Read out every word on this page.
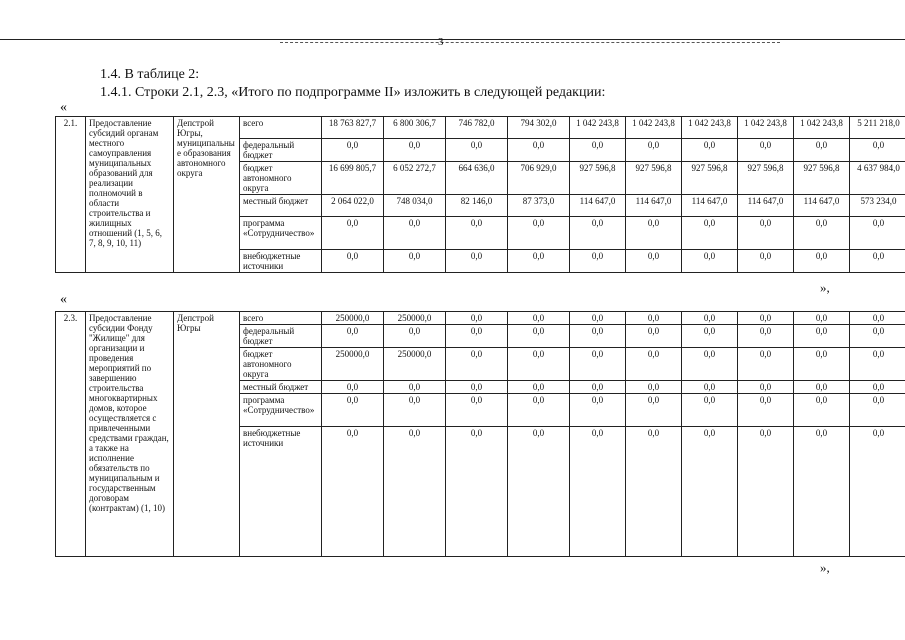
3
1.4. В таблице 2:
1.4.1. Строки 2.1, 2.3, «Итого по подпрограмме II» изложить в следующей редакции:
«
2.1.	Предоставление субсидий органам местного самоуправления муниципальных образований для реализации полномочий в области строительства и жилищных отношений (1, 5, 6, 7, 8, 9, 10, 11)	Депстрой Югры, муниципальные образования автономного округа	всего	18 763 827,7	6 800 306,7	746 782,0	794 302,0	1 042 243,8	1 042 243,8	1 042 243,8	1 042 243,8	1 042 243,8	5 211 218,0
			федеральный бюджет	0,0	0,0	0,0	0,0	0,0	0,0	0,0	0,0	0,0	0,0
			бюджет автономного округа	16 699 805,7	6 052 272,7	664 636,0	706 929,0	927 596,8	927 596,8	927 596,8	927 596,8	927 596,8	4 637 984,0
			местный бюджет	2 064 022,0	748 034,0	82 146,0	87 373,0	114 647,0	114 647,0	114 647,0	114 647,0	114 647,0	573 234,0
			программа «Сотрудничество»	0,0	0,0	0,0	0,0	0,0	0,0	0,0	0,0	0,0	0,0
			внебюджетные источники	0,0	0,0	0,0	0,0	0,0	0,0	0,0	0,0	0,0	0,0
»,
«
2.3.	Предоставление субсидии Фонду "Жилище" для организации и проведения мероприятий по завершению строительства многоквартирных домов, которое осуществляется с привлеченными средствами граждан, а также на исполнение обязательств по муниципальным и государственным договорам (контрактам) (1, 10)	Депстрой Югры	всего	250000,0	250000,0	0,0	0,0	0,0	0,0	0,0	0,0	0,0	0,0
			федеральный бюджет	0,0	0,0	0,0	0,0	0,0	0,0	0,0	0,0	0,0	0,0
			бюджет автономного округа	250000,0	250000,0	0,0	0,0	0,0	0,0	0,0	0,0	0,0	0,0
			местный бюджет	0,0	0,0	0,0	0,0	0,0	0,0	0,0	0,0	0,0	0,0
			программа «Сотрудничество»	0,0	0,0	0,0	0,0	0,0	0,0	0,0	0,0	0,0	0,0
			внебюджетные источники	0,0	0,0	0,0	0,0	0,0	0,0	0,0	0,0	0,0	0,0
»,
